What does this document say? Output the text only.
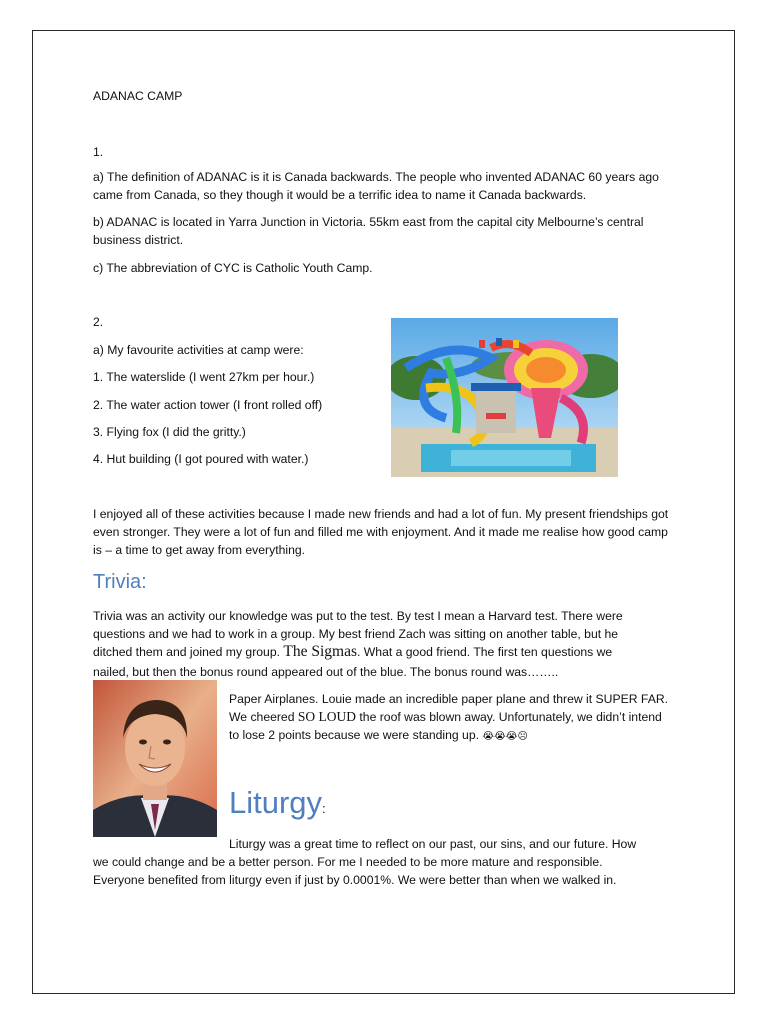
ADANAC CAMP

1.

a) The definition of ADANAC is it is Canada backwards. The people who invented ADANAC 60 years ago came from Canada, so they though it would be a terrific idea to name it Canada backwards.

b) ADANAC is located in Yarra Junction in Victoria. 55km east from the capital city Melbourne’s central business district.

c) The abbreviation of CYC is Catholic Youth Camp.

2.

a) My favourite activities at camp were:

1. The waterslide (I went 27km per hour.)

2. The water action tower (I front rolled off)

3. Flying fox (I did the gritty.)

4. Hut building (I got poured with water.)

I enjoyed all of these activities because I made new friends and had a lot of fun. My present friendships got even stronger. They were a lot of fun and filled me with enjoyment. And it made me realise how good camp is – a time to get away from everything.

Trivia:

Trivia was an activity our knowledge was put to the test. By test I mean a Harvard test. There were

questions and we had to work in a group. My best friend Zach was sitting on another table, but he

ditched them and joined my group. The Sigmas. What a good friend. The first ten questions we

nailed, but then the bonus round appeared out of the blue. The bonus round was……..

Paper Airplanes. Louie made an incredible paper plane and threw it SUPER FAR. We cheered SO LOUD the roof was blown away. Unfortunately, we didn’t intend to lose 2 points because we were standing up. 😭😭😭☹

Liturgy:

Liturgy was a great time to reflect on our past, our sins, and our future. How

we could change and be a better person. For me I needed to be more mature and responsible.

Everyone benefited from liturgy even if just by 0.0001%. We were better than when we walked in.
